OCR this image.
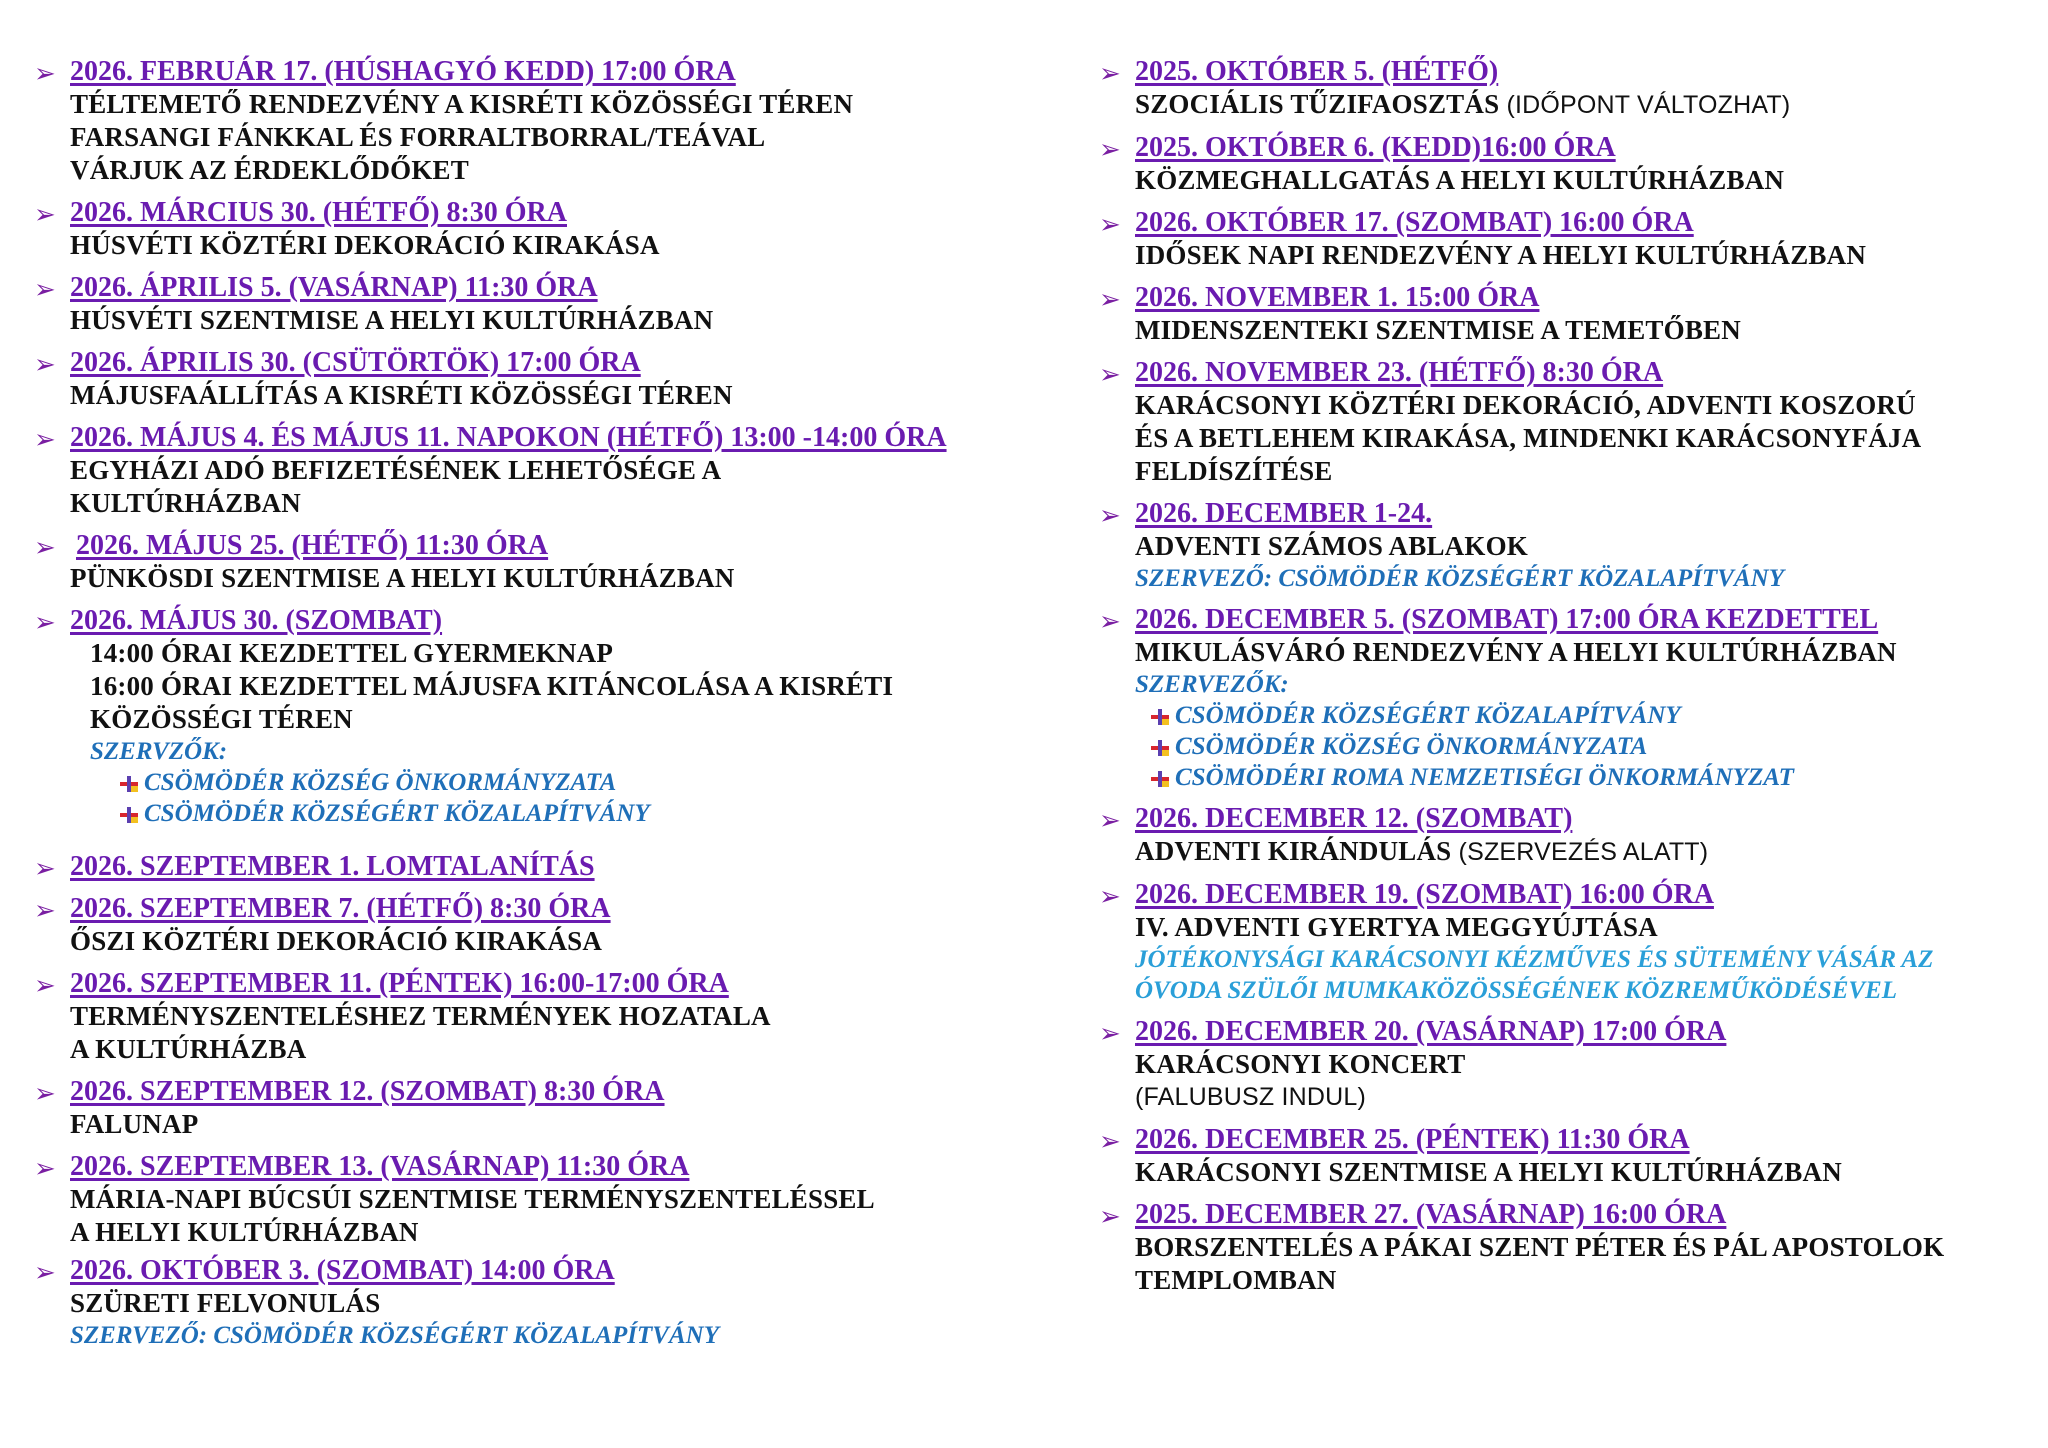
➢ 2026. FEBRUÁR 17. (HÚSHAGYÓ KEDD) 17:00 ÓRA
TÉLTEMETŐ RENDEZVÉNY A KISRÉTI KÖZÖSSÉGI TÉREN
FARSANGI FÁNKKAL ÉS FORRALTBORRAL/TEÁVAL
VÁRJUK AZ ÉRDEKLŐDŐKET
➢ 2026. MÁRCIUS 30. (HÉTFŐ) 8:30 ÓRA
HÚSVÉTI KÖZTÉRI DEKORÁCIÓ KIRAKÁSA
➢ 2026. ÁPRILIS 5. (VASÁRNAP) 11:30 ÓRA
HÚSVÉTI SZENTMISE A HELYI KULTÚRHÁZBAN
➢ 2026. ÁPRILIS 30. (CSÜTÖRTÖK) 17:00 ÓRA
MÁJUSFAÁLLÍTÁS A KISRÉTI KÖZÖSSÉGI TÉREN
➢ 2026. MÁJUS 4. ÉS MÁJUS 11. NAPOKON (HÉTFŐ) 13:00 -14:00 ÓRA
EGYHÁZI ADÓ BEFIZETÉSÉNEK LEHETŐSÉGE A
KULTÚRHÁZBAN
➢ 2026. MÁJUS 25. (HÉTFŐ) 11:30 ÓRA
PÜNKÖSDI SZENTMISE A HELYI KULTÚRHÁZBAN
➢ 2026. MÁJUS 30. (SZOMBAT)
14:00 ÓRAI KEZDETTEL GYERMEKNAP
16:00 ÓRAI KEZDETTEL MÁJUSFA KITÁNCOLÁSA A KISRÉTI
KÖZÖSSÉGI TÉREN
SZERVZŐK:
CSÖMÖDÉR KÖZSÉG ÖNKORMÁNYZATA
CSÖMÖDÉR KÖZSÉGÉRT KÖZALAPÍTVÁNY
➢ 2026. SZEPTEMBER 1. LOMTALANÍTÁS
➢ 2026. SZEPTEMBER 7. (HÉTFŐ) 8:30 ÓRA
ŐSZI KÖZTÉRI DEKORÁCIÓ KIRAKÁSA
➢ 2026. SZEPTEMBER 11. (PÉNTEK) 16:00-17:00 ÓRA
TERMÉNYSZENTELÉSHEZ TERMÉNYEK HOZATALA
A KULTÚRHÁZBA
➢ 2026. SZEPTEMBER 12. (SZOMBAT) 8:30 ÓRA
FALUNAP
➢ 2026. SZEPTEMBER 13. (VASÁRNAP) 11:30 ÓRA
MÁRIA-NAPI BÚCSÚI SZENTMISE TERMÉNYSZENTELÉSSEL
A HELYI KULTÚRHÁZBAN
➢ 2026. OKTÓBER 3. (SZOMBAT) 14:00 ÓRA
SZÜRETI FELVONULÁS
SZERVEZŐ: CSÖMÖDÉR KÖZSÉGÉRT KÖZALAPÍTVÁNY
➢ 2025. OKTÓBER 5. (HÉTFŐ)
SZOCIÁLIS TŰZIFAOSZTÁS (IDŐPONT VÁLTOZHAT)
➢ 2025. OKTÓBER 6. (KEDD)16:00 ÓRA
KÖZMEGHALLGATÁS A HELYI KULTÚRHÁZBAN
➢ 2026. OKTÓBER 17. (SZOMBAT) 16:00 ÓRA
IDŐSEK NAPI RENDEZVÉNY A HELYI KULTÚRHÁZBAN
➢ 2026. NOVEMBER 1. 15:00 ÓRA
MIDENSZENTEKI SZENTMISE A TEMETŐBEN
➢ 2026. NOVEMBER 23. (HÉTFŐ) 8:30 ÓRA
KARÁCSONYI KÖZTÉRI DEKORÁCIÓ, ADVENTI KOSZORÚ
ÉS A BETLEHEM KIRAKÁSA, MINDENKI KARÁCSONYFÁJA
FELDÍSZÍTÉSE
➢ 2026. DECEMBER 1-24.
ADVENTI SZÁMOS ABLAKOK
SZERVEZŐ: CSÖMÖDÉR KÖZSÉGÉRT KÖZALAPÍTVÁNY
➢ 2026. DECEMBER 5. (SZOMBAT) 17:00 ÓRA KEZDETTEL
MIKULÁSVÁRÓ RENDEZVÉNY A HELYI KULTÚRHÁZBAN
SZERVEZŐK:
CSÖMÖDÉR KÖZSÉGÉRT KÖZALAPÍTVÁNY
CSÖMÖDÉR KÖZSÉG ÖNKORMÁNYZATA
CSÖMÖDÉRI ROMA NEMZETISÉGI ÖNKORMÁNYZAT
➢ 2026. DECEMBER 12. (SZOMBAT)
ADVENTI KIRÁNDULÁS (SZERVEZÉS ALATT)
➢ 2026. DECEMBER 19. (SZOMBAT) 16:00 ÓRA
IV. ADVENTI GYERTYA MEGGYÚJTÁSA
JÓTÉKONYSÁGI KARÁCSONYI KÉZMŰVES ÉS SÜTEMÉNY VÁSÁR AZ
ÓVODA SZÜLŐI MUMKAKÖZÖSSÉGÉNEK KÖZREMŰKÖDÉSÉVEL
➢ 2026. DECEMBER 20. (VASÁRNAP) 17:00 ÓRA
KARÁCSONYI KONCERT
(FALUBUSZ INDUL)
➢ 2026. DECEMBER 25. (PÉNTEK) 11:30 ÓRA
KARÁCSONYI SZENTMISE A HELYI KULTÚRHÁZBAN
➢ 2025. DECEMBER 27. (VASÁRNAP) 16:00 ÓRA
BORSZENTELÉS A PÁKAI SZENT PÉTER ÉS PÁL APOSTOLOK
TEMPLOMBAN
